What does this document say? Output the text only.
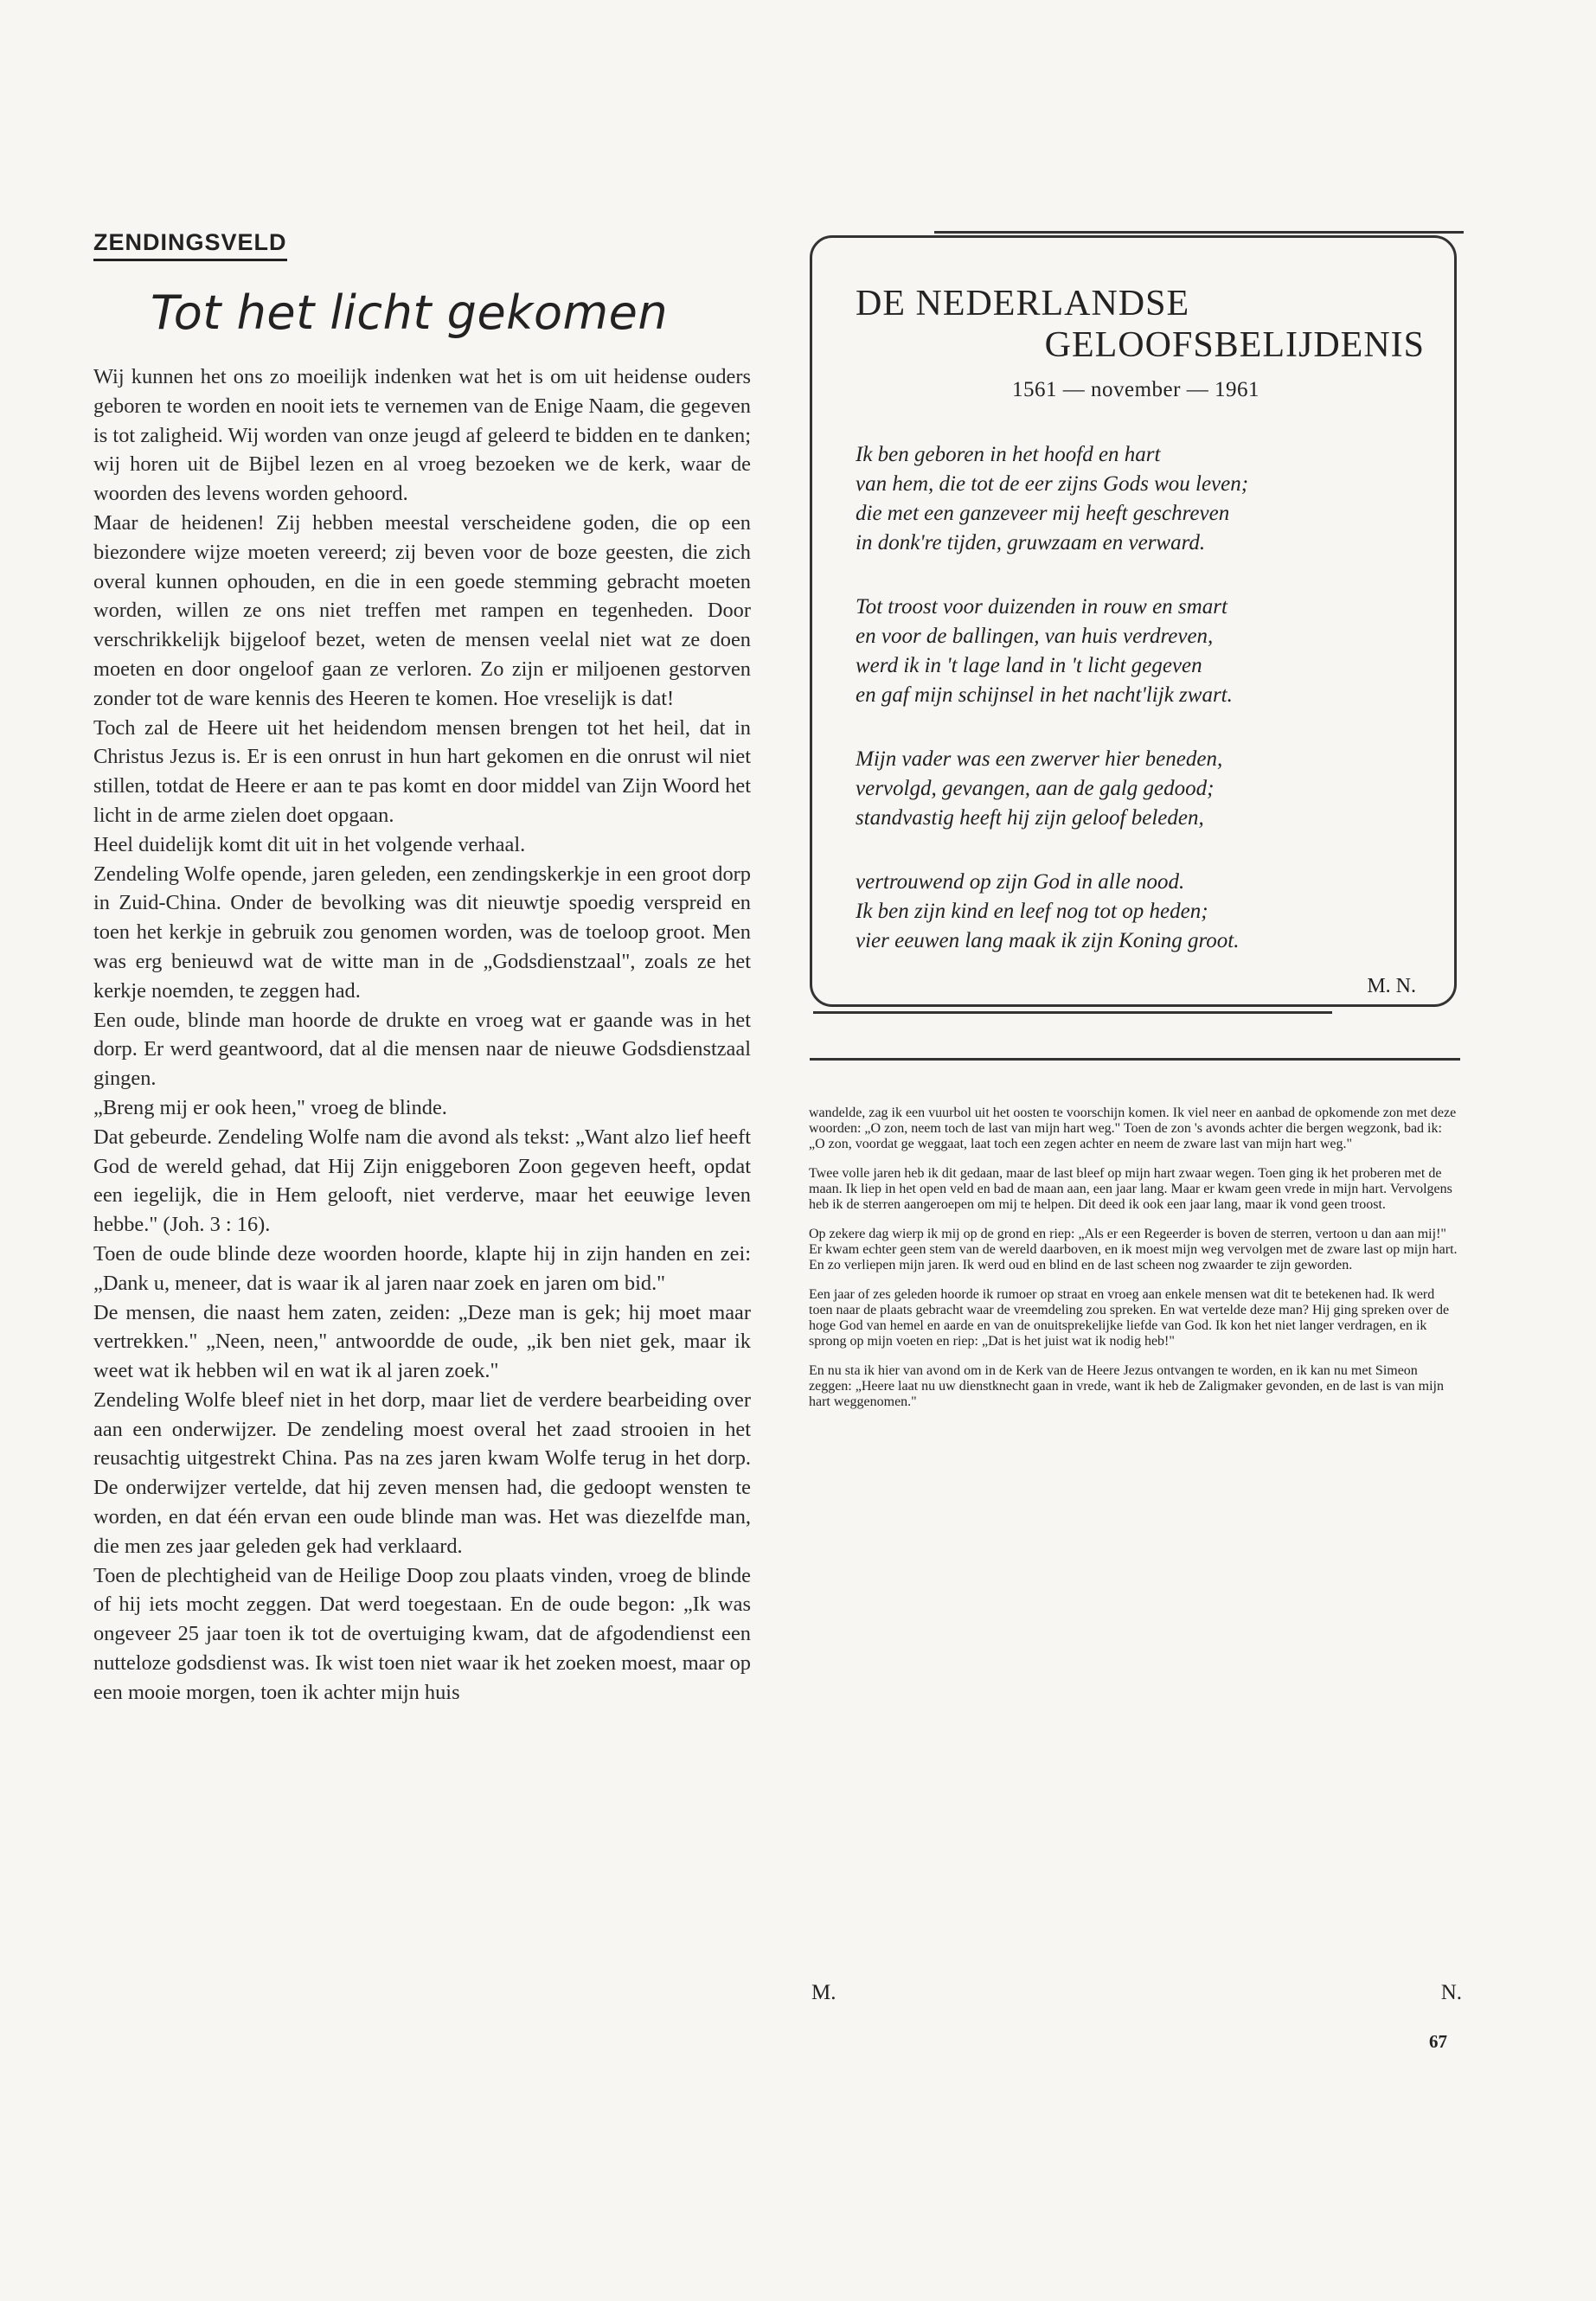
ZENDINGSVELD
Tot het licht gekomen

Wij kunnen het ons zo moeilijk indenken wat het is om uit heidense ouders geboren te worden en nooit iets te vernemen van de Enige Naam, die gegeven is tot zaligheid. Wij worden van onze jeugd af geleerd te bidden en te danken; wij horen uit de Bijbel lezen en al vroeg bezoeken we de kerk, waar de woorden des levens worden gehoord.

Maar de heidenen! Zij hebben meestal verscheidene goden, die op een biezondere wijze moeten vereerd; zij beven voor de boze geesten, die zich overal kunnen ophouden, en die in een goede stemming gebracht moeten worden, willen ze ons niet treffen met rampen en tegenheden. Door verschrikkelijk bijgeloof bezet, weten de mensen veelal niet wat ze doen moeten en door ongeloof gaan ze verloren. Zo zijn er miljoenen gestorven zonder tot de ware kennis des Heeren te komen. Hoe vreselijk is dat!

Toch zal de Heere uit het heidendom mensen brengen tot het heil, dat in Christus Jezus is. Er is een onrust in hun hart gekomen en die onrust wil niet stillen, totdat de Heere er aan te pas komt en door middel van Zijn Woord het licht in de arme zielen doet opgaan.

Heel duidelijk komt dit uit in het volgende verhaal.

Zendeling Wolfe opende, jaren geleden, een zendingskerkje in een groot dorp in Zuid-China. Onder de bevolking was dit nieuwtje spoedig verspreid en toen het kerkje in gebruik zou genomen worden, was de toeloop groot. Men was erg benieuwd wat de witte man in de „Godsdienstzaal", zoals ze het kerkje noemden, te zeggen had.

Een oude, blinde man hoorde de drukte en vroeg wat er gaande was in het dorp. Er werd geantwoord, dat al die mensen naar de nieuwe Godsdienstzaal gingen.

„Breng mij er ook heen," vroeg de blinde.

Dat gebeurde. Zendeling Wolfe nam die avond als tekst: „Want alzo lief heeft God de wereld gehad, dat Hij Zijn eniggeboren Zoon gegeven heeft, opdat een iegelijk, die in Hem gelooft, niet verderve, maar het eeuwige leven hebbe." (Joh. 3 : 16).

Toen de oude blinde deze woorden hoorde, klapte hij in zijn handen en zei: „Dank u, meneer, dat is waar ik al jaren naar zoek en jaren om bid."

De mensen, die naast hem zaten, zeiden: „Deze man is gek; hij moet maar vertrekken." „Neen, neen," antwoordde de oude, „ik ben niet gek, maar ik weet wat ik hebben wil en wat ik al jaren zoek."

Zendeling Wolfe bleef niet in het dorp, maar liet de verdere bearbeiding over aan een onderwijzer. De zendeling moest overal het zaad strooien in het reusachtig uitgestrekt China. Pas na zes jaren kwam Wolfe terug in het dorp. De onderwijzer vertelde, dat hij zeven mensen had, die gedoopt wensten te worden, en dat één ervan een oude blinde man was. Het was diezelfde man, die men zes jaar geleden gek had verklaard.

Toen de plechtigheid van de Heilige Doop zou plaats vinden, vroeg de blinde of hij iets mocht zeggen. Dat werd toegestaan. En de oude begon: „Ik was ongeveer 25 jaar toen ik tot de overtuiging kwam, dat de afgodendienst een nutteloze godsdienst was. Ik wist toen niet waar ik het zoeken moest, maar op een mooie morgen, toen ik achter mijn huis

DE NEDERLANDSE
GELOOFSBELIJDENIS
1561 — november — 1961
Ik ben geboren in het hoofd en hart
van hem, die tot de eer zijns Gods wou leven;
die met een ganzeveer mij heeft geschreven
in donk're tijden, gruwzaam en verward.
Tot troost voor duizenden in rouw en smart
en voor de ballingen, van huis verdreven,
werd ik in 't lage land in 't licht gegeven
en gaf mijn schijnsel in het nacht'lijk zwart.
Mijn vader was een zwerver hier beneden,
vervolgd, gevangen, aan de galg gedood;
standvastig heeft hij zijn geloof beleden,
vertrouwend op zijn God in alle nood.
Ik ben zijn kind en leef nog tot op heden;
vier eeuwen lang maak ik zijn Koning groot.
M. N.

wandelde, zag ik een vuurbol uit het oosten te voorschijn komen. Ik viel neer en aanbad de opkomende zon met deze woorden: „O zon, neem toch de last van mijn hart weg." Toen de zon 's avonds achter die bergen wegzonk, bad ik: „O zon, voordat ge weggaat, laat toch een zegen achter en neem de zware last van mijn hart weg."

Twee volle jaren heb ik dit gedaan, maar de last bleef op mijn hart zwaar wegen. Toen ging ik het proberen met de maan. Ik liep in het open veld en bad de maan aan, een jaar lang. Maar er kwam geen vrede in mijn hart. Vervolgens heb ik de sterren aangeroepen om mij te helpen. Dit deed ik ook een jaar lang, maar ik vond geen troost.

Op zekere dag wierp ik mij op de grond en riep: „Als er een Regeerder is boven de sterren, vertoon u dan aan mij!" Er kwam echter geen stem van de wereld daarboven, en ik moest mijn weg vervolgen met de zware last op mijn hart. En zo verliepen mijn jaren. Ik werd oud en blind en de last scheen nog zwaarder te zijn geworden.

Een jaar of zes geleden hoorde ik rumoer op straat en vroeg aan enkele mensen wat dit te betekenen had. Ik werd toen naar de plaats gebracht waar de vreemdeling zou spreken. En wat vertelde deze man? Hij ging spreken over de hoge God van hemel en aarde en van de onuitsprekelijke liefde van God. Ik kon het niet langer verdragen, en ik sprong op mijn voeten en riep: „Dat is het juist wat ik nodig heb!"

En nu sta ik hier van avond om in de Kerk van de Heere Jezus ontvangen te worden, en ik kan nu met Simeon zeggen: „Heere laat nu uw dienstknecht gaan in vrede, want ik heb de Zaligmaker gevonden, en de last is van mijn hart weggenomen."

M.	N.
67
